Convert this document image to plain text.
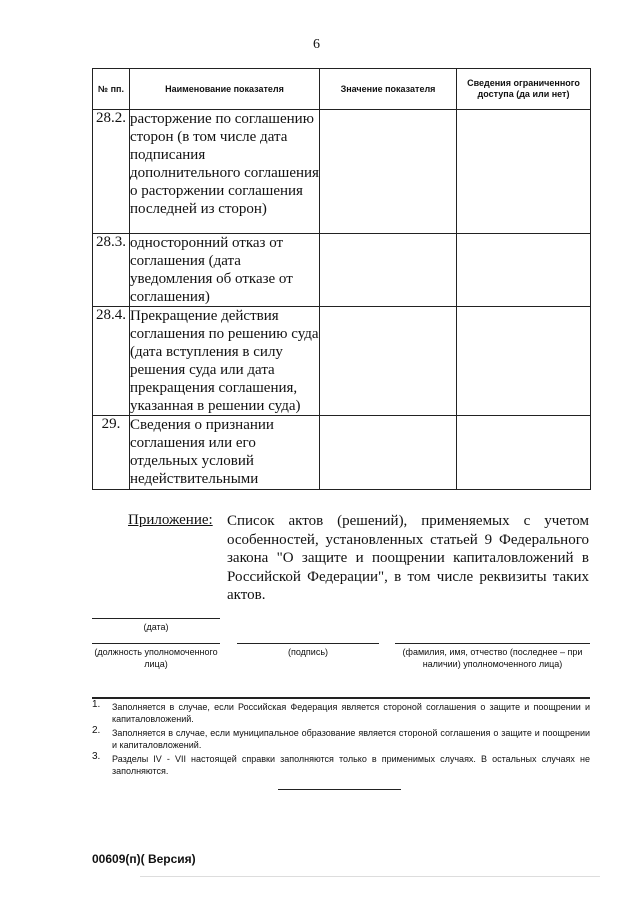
6
№ пп.	Наименование показателя	Значение показателя	Сведения ограниченного доступа (да или нет)
28.2.	расторжение по соглашению сторон (в том числе дата подписания дополнительного соглашения о расторжении соглашения последней из сторон)		
28.3.	односторонний отказ от соглашения (дата уведомления об отказе от соглашения)		
28.4.	Прекращение действия соглашения по решению суда (дата вступления в силу решения суда или дата прекращения соглашения, указанная в решении суда)		
29.	Сведения о признании соглашения или его отдельных условий недействительными		
Приложение: Список актов (решений), применяемых с учетом особенностей, установленных статьей 9 Федерального закона "О защите и поощрении капиталовложений в Российской Федерации", в том числе реквизиты таких актов.
(дата)
(должность уполномоченного лица)
(подпись)	(фамилия, имя, отчество (последнее – при наличии) уполномоченного лица)
1. Заполняется в случае, если Российская Федерация является стороной соглашения о защите и поощрении и капиталовложений.
2. Заполняется в случае, если муниципальное образование является стороной соглашения о защите и поощрении и капиталовложений.
3. Разделы IV - VII настоящей справки заполняются только в применимых случаях. В остальных случаях не заполняются.
00609(п)( Версия)
